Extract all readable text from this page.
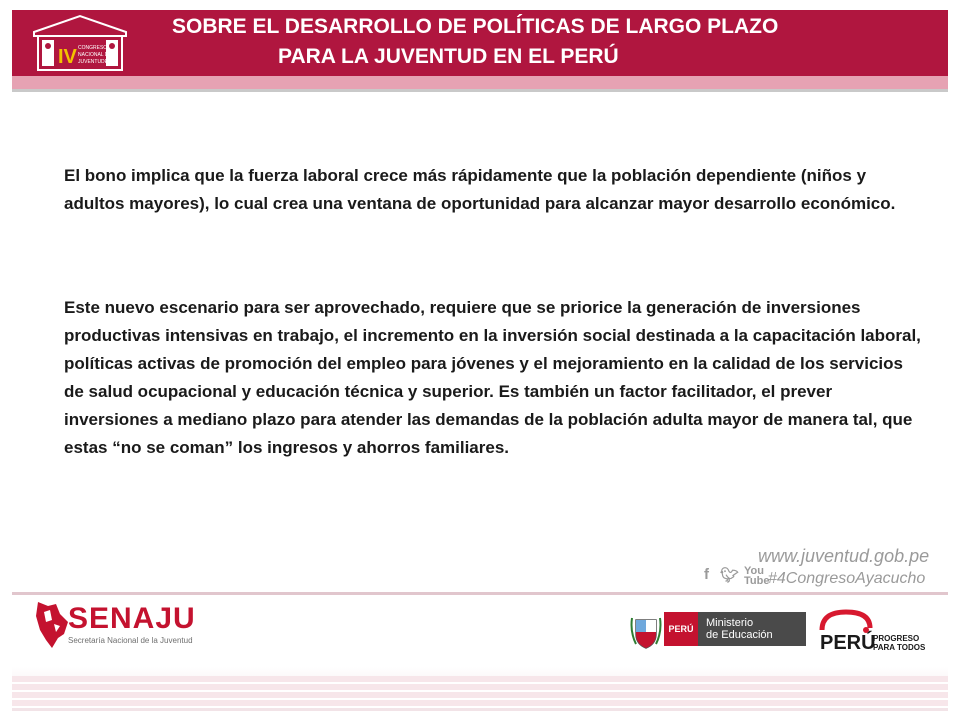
IV CONGRESO
NACIONAL DE
JUVENTUDES
SOBRE EL DESARROLLO DE POLÍTICAS DE LARGO PLAZO
PARA LA JUVENTUD EN EL PERÚ

El bono implica que la fuerza laboral crece más rápidamente que la población dependiente (niños y adultos mayores), lo cual crea una ventana de oportunidad para alcanzar mayor desarrollo económico.

Este nuevo escenario para ser aprovechado, requiere que se priorice la generación de inversiones productivas intensivas en trabajo, el incremento en la inversión social destinada a la capacitación laboral, políticas activas de promoción del empleo para jóvenes y el mejoramiento en la calidad de los servicios de salud ocupacional y educación técnica y superior. Es también un factor facilitador, el prever inversiones a mediano plazo para atender las demandas de la población adulta mayor de manera tal, que estas “no se coman” los ingresos y ahorros familiares.

www.juventud.gob.pe
f 🐦︎ You
Tube
#4CongresoAyacucho
SENAJU
Secretaría Nacional de la Juventud
PERÚ	Ministerio
de Educación	PERÚ
PROGRESO
PARA TODOS
